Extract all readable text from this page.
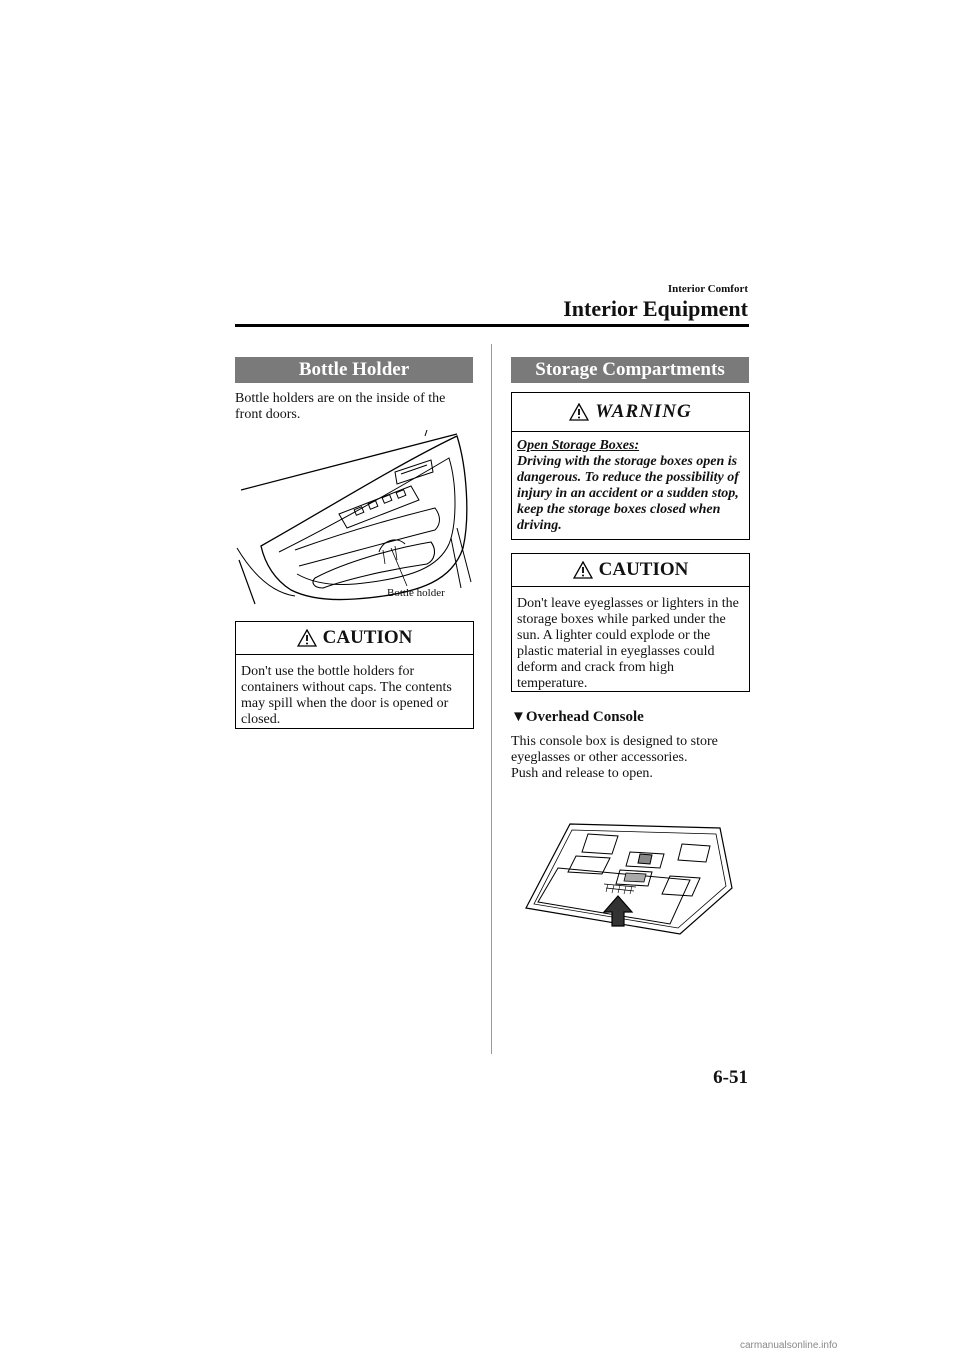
Interior Comfort
Interior Equipment
Bottle Holder
Bottle holders are on the inside of the front doors.
Bottle holder
CAUTION
Don't use the bottle holders for containers without caps. The contents may spill when the door is opened or closed.
Storage Compartments
WARNING
Open Storage Boxes:
Driving with the storage boxes open is dangerous. To reduce the possibility of injury in an accident or a sudden stop, keep the storage boxes closed when driving.
CAUTION
Don't leave eyeglasses or lighters in the storage boxes while parked under the sun. A lighter could explode or the plastic material in eyeglasses could deform and crack from high temperature.
▼Overhead Console
This console box is designed to store eyeglasses or other accessories.
Push and release to open.
6-51
carmanualsonline.info
